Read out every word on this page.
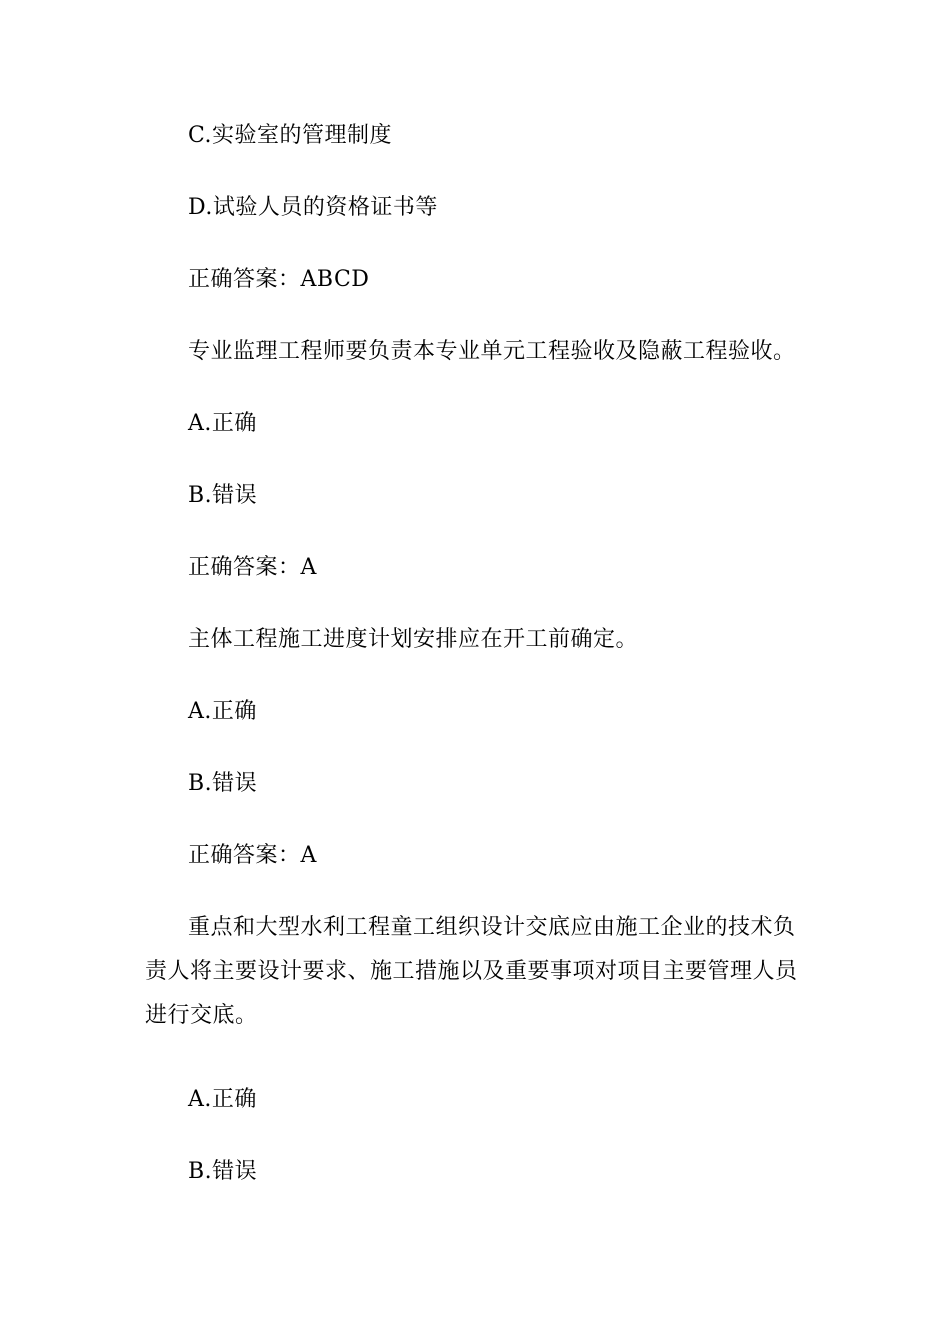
C.实验室的管理制度
D.试验人员的资格证书等
正确答案：ABCD
专业监理工程师要负责本专业单元工程验收及隐蔽工程验收。
A.正确
B.错误
正确答案：A
主体工程施工进度计划安排应在开工前确定。
A.正确
B.错误
正确答案：A
重点和大型水利工程童工组织设计交底应由施工企业的技术负责人将主要设计要求、施工措施以及重要事项对项目主要管理人员进行交底。
A.正确
B.错误
